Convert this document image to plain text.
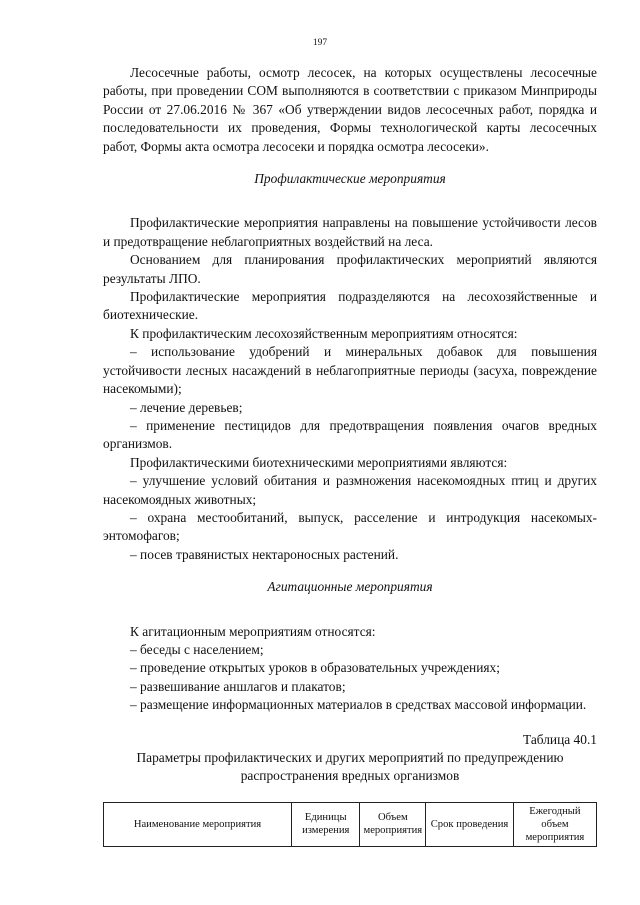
197

Лесосечные работы, осмотр лесосек, на которых осуществлены лесосечные работы, при проведении СОМ выполняются в соответствии с приказом Минприроды России от 27.06.2016 № 367 «Об утверждении видов лесосечных работ, порядка и последовательности их проведения, Формы технологической карты лесосечных работ, Формы акта осмотра лесосеки и порядка осмотра лесосеки».

Профилактические мероприятия

Профилактические мероприятия направлены на повышение устойчивости лесов и предотвращение неблагоприятных воздействий на леса.

Основанием для планирования профилактических мероприятий являются результаты ЛПО.

Профилактические мероприятия подразделяются на лесохозяйственные и биотехнические.

К профилактическим лесохозяйственным мероприятиям относятся:

– использование удобрений и минеральных добавок для повышения устойчивости лесных насаждений в неблагоприятные периоды (засуха, повреждение насекомыми);

– лечение деревьев;

– применение пестицидов для предотвращения появления очагов вредных организмов.

Профилактическими биотехническими мероприятиями являются:

– улучшение условий обитания и размножения насекомоядных птиц и других насекомоядных животных;

– охрана местообитаний, выпуск, расселение и интродукция насекомых-энтомофагов;

– посев травянистых нектароносных растений.

Агитационные мероприятия

К агитационным мероприятиям относятся:

– беседы с населением;

– проведение открытых уроков в образовательных учреждениях;

– развешивание аншлагов и плакатов;

– размещение информационных материалов в средствах массовой информации.

Таблица 40.1
Параметры профилактических и других мероприятий по предупреждению распространения вредных организмов
Наименование мероприятия	Единицы измерения	Объем мероприятия	Срок проведения	Ежегодный объем мероприятия
